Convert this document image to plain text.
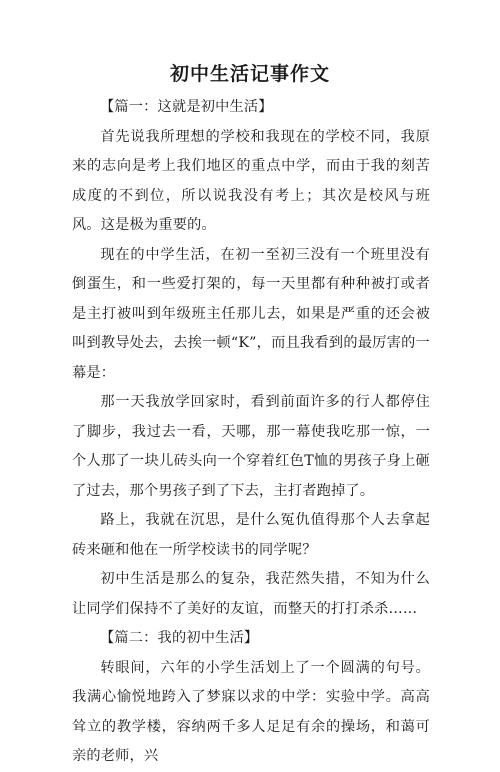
初中生活记事作文

【篇一：这就是初中生活】

首先说我所理想的学校和我现在的学校不同，我原来的志向是考上我们地区的重点中学，而由于我的刻苦成度的不到位，所以说我没有考上；其次是校风与班风。这是极为重要的。

现在的中学生活，在初一至初三没有一个班里没有倒蛋生，和一些爱打架的，每一天里都有种种被打或者是主打被叫到年级班主任那儿去，如果是严重的还会被叫到教导处去，去挨一顿“K”，而且我看到的最厉害的一幕是：

那一天我放学回家时，看到前面许多的行人都停住了脚步，我过去一看，天哪，那一幕使我吃那一惊，一个人那了一块儿砖头向一个穿着红色T恤的男孩子身上砸了过去，那个男孩子到了下去，主打者跑掉了。

路上，我就在沉思，是什么冤仇值得那个人去拿起砖来砸和他在一所学校读书的同学呢？

初中生活是那么的复杂，我茫然失措，不知为什么让同学们保持不了美好的友谊，而整天的打打杀杀……

【篇二：我的初中生活】

转眼间，六年的小学生活划上了一个圆满的句号。我满心愉悦地跨入了梦寐以求的中学：实验中学。高高耸立的教学楼，容纳两千多人足足有余的操场，和蔼可亲的老师，兴
